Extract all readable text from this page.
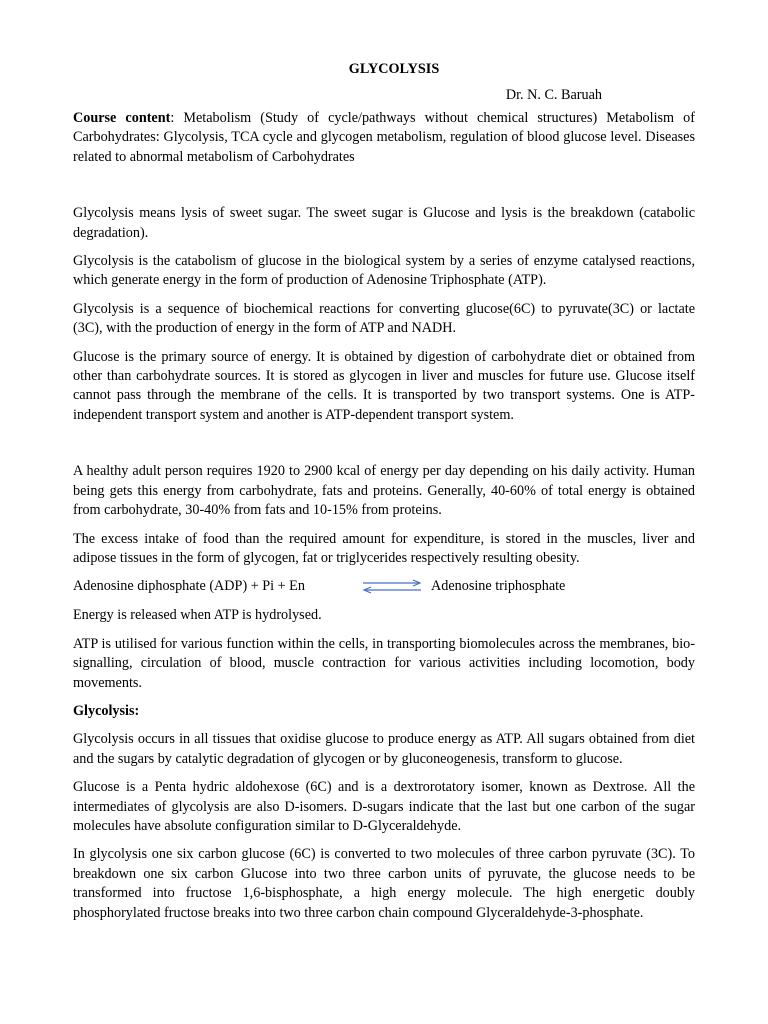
GLYCOLYSIS
Dr. N. C. Baruah

Course content: Metabolism (Study of cycle/pathways without chemical structures) Metabolism of Carbohydrates: Glycolysis, TCA cycle and glycogen metabolism, regulation of blood glucose level. Diseases related to abnormal metabolism of Carbohydrates

Glycolysis means lysis of sweet sugar. The sweet sugar is Glucose and lysis is the breakdown (catabolic degradation).

Glycolysis is the catabolism of glucose in the biological system by a series of enzyme catalysed reactions, which generate energy in the form of production of Adenosine Triphosphate (ATP).

Glycolysis is a sequence of biochemical reactions for converting glucose(6C) to pyruvate(3C) or lactate (3C), with the production of energy in the form of ATP and NADH.

Glucose is the primary source of energy. It is obtained by digestion of carbohydrate diet or obtained from other than carbohydrate sources. It is stored as glycogen in liver and muscles for future use. Glucose itself cannot pass through the membrane of the cells. It is transported by two transport systems. One is ATP-independent transport system and another is ATP-dependent transport system.

A healthy adult person requires 1920 to 2900 kcal of energy per day depending on his daily activity. Human being gets this energy from carbohydrate, fats and proteins. Generally, 40-60% of total energy is obtained from carbohydrate, 30-40% from fats and 10-15% from proteins.

The excess intake of food than the required amount for expenditure, is stored in the muscles, liver and adipose tissues in the form of glycogen, fat or triglycerides respectively resulting obesity.

Adenosine diphosphate (ADP) + Pi + En	Adenosine triphosphate

Energy is released when ATP is hydrolysed.

ATP is utilised for various function within the cells, in transporting biomolecules across the membranes, bio-signalling, circulation of blood, muscle contraction for various activities including locomotion, body movements.

Glycolysis:

Glycolysis occurs in all tissues that oxidise glucose to produce energy as ATP. All sugars obtained from diet and the sugars by catalytic degradation of glycogen or by gluconeogenesis, transform to glucose.

Glucose is a Penta hydric aldohexose (6C) and is a dextrorotatory isomer, known as Dextrose. All the intermediates of glycolysis are also D-isomers. D-sugars indicate that the last but one carbon of the sugar molecules have absolute configuration similar to D-Glyceraldehyde.

In glycolysis one six carbon glucose (6C) is converted to two molecules of three carbon pyruvate (3C). To breakdown one six carbon Glucose into two three carbon units of pyruvate, the glucose needs to be transformed into fructose 1,6-bisphosphate, a high energy molecule. The high energetic doubly phosphorylated fructose breaks into two three carbon chain compound Glyceraldehyde-3-phosphate.
